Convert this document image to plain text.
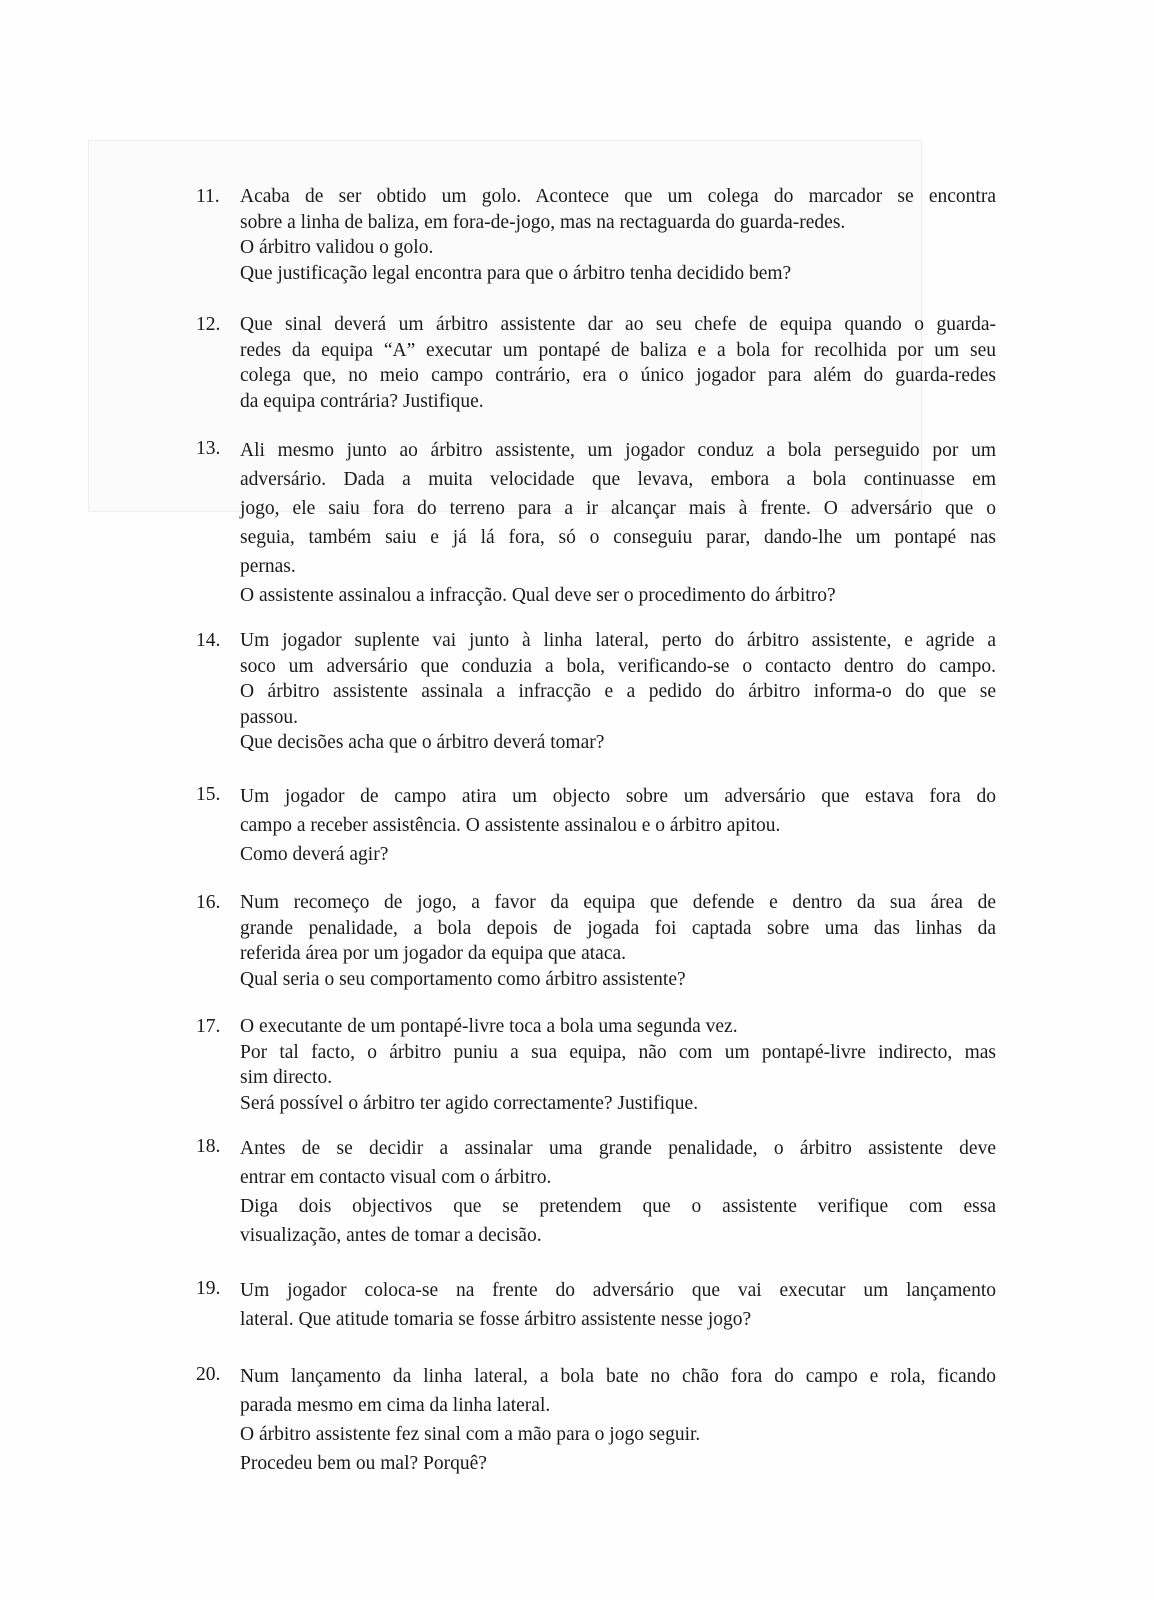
11.	Acaba de ser obtido um golo. Acontece que um colega do marcador se encontra
sobre a linha de baliza, em fora-de-jogo, mas na rectaguarda do guarda-redes.
O árbitro validou o golo.
Que justificação legal encontra para que o árbitro tenha decidido bem?
12.	Que sinal deverá um árbitro assistente dar ao seu chefe de equipa quando o guarda-
redes da equipa “A” executar um pontapé de baliza e a bola for recolhida por um seu
colega que, no meio campo contrário, era o único jogador para além do guarda-redes
da equipa contrária? Justifique.
13.	Ali mesmo junto ao árbitro assistente, um jogador conduz a bola perseguido por um
adversário. Dada a muita velocidade que levava, embora a bola continuasse em
jogo, ele saiu fora do terreno para a ir alcançar mais à frente. O adversário que o
seguia, também saiu e já lá fora, só o conseguiu parar, dando-lhe um pontapé nas
pernas.
O assistente assinalou a infracção. Qual deve ser o procedimento do árbitro?
14.	Um jogador suplente vai junto à linha lateral, perto do árbitro assistente, e agride a
soco um adversário que conduzia a bola, verificando-se o contacto dentro do campo.
O árbitro assistente assinala a infracção e a pedido do árbitro informa-o do que se
passou.
Que decisões acha que o árbitro deverá tomar?
15.	Um jogador de campo atira um objecto sobre um adversário que estava fora do
campo a receber assistência. O assistente assinalou e o árbitro apitou.
Como deverá agir?
16.	Num recomeço de jogo, a favor da equipa que defende e dentro da sua área de
grande penalidade, a bola depois de jogada foi captada sobre uma das linhas da
referida área por um jogador da equipa que ataca.
Qual seria o seu comportamento como árbitro assistente?
17.	O executante de um pontapé-livre toca a bola uma segunda vez.
Por tal facto, o árbitro puniu a sua equipa, não com um pontapé-livre indirecto, mas
sim directo.
Será possível o árbitro ter agido correctamente? Justifique.
18.	Antes de se decidir a assinalar uma grande penalidade, o árbitro assistente deve
entrar em contacto visual com o árbitro.
Diga dois objectivos que se pretendem que o assistente verifique com essa
visualização, antes de tomar a decisão.
19.	Um jogador coloca-se na frente do adversário que vai executar um lançamento
lateral. Que atitude tomaria se fosse árbitro assistente nesse jogo?
20.	Num lançamento da linha lateral, a bola bate no chão fora do campo e rola, ficando
parada mesmo em cima da linha lateral.
O árbitro assistente fez sinal com a mão para o jogo seguir.
Procedeu bem ou mal? Porquê?
